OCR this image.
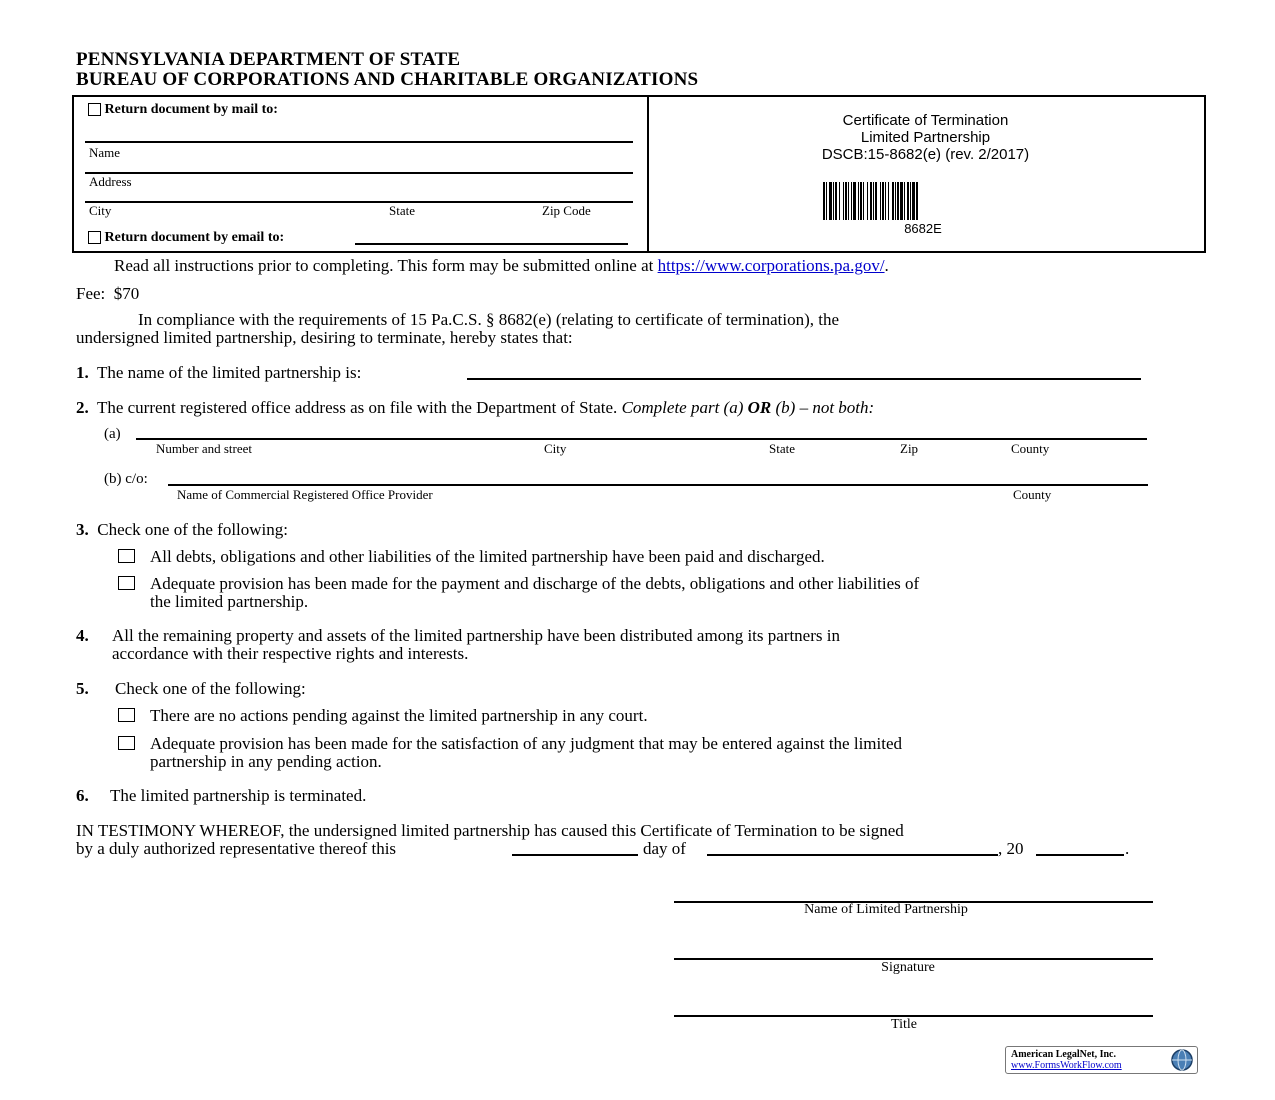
PENNSYLVANIA DEPARTMENT OF STATE
BUREAU OF CORPORATIONS AND CHARITABLE ORGANIZATIONS
Return document by mail to:
Name
Address
City	State	Zip Code
Return document by email to:
Certificate of Termination
Limited Partnership
DSCB:15-8682(e) (rev. 2/2017)
8682E
Read all instructions prior to completing. This form may be submitted online at https://www.corporations.pa.gov/.
Fee: $70
In compliance with the requirements of 15 Pa.C.S. § 8682(e) (relating to certificate of termination), the
undersigned limited partnership, desiring to terminate, hereby states that:
1. The name of the limited partnership is:
2. The current registered office address as on file with the Department of State. Complete part (a) OR (b) – not both:
(a)
Number and street	City	State	Zip	County
(b) c/o:
Name of Commercial Registered Office Provider	County
3. Check one of the following:
All debts, obligations and other liabilities of the limited partnership have been paid and discharged.
Adequate provision has been made for the payment and discharge of the debts, obligations and other liabilities of
the limited partnership.
4. All the remaining property and assets of the limited partnership have been distributed among its partners in
accordance with their respective rights and interests.
5. Check one of the following:
There are no actions pending against the limited partnership in any court.
Adequate provision has been made for the satisfaction of any judgment that may be entered against the limited
partnership in any pending action.
6. The limited partnership is terminated.
IN TESTIMONY WHEREOF, the undersigned limited partnership has caused this Certificate of Termination to be signed
by a duly authorized representative thereof this	day of	, 20	.
Name of Limited Partnership
Signature
Title
American LegalNet, Inc.
www.FormsWorkFlow.com
